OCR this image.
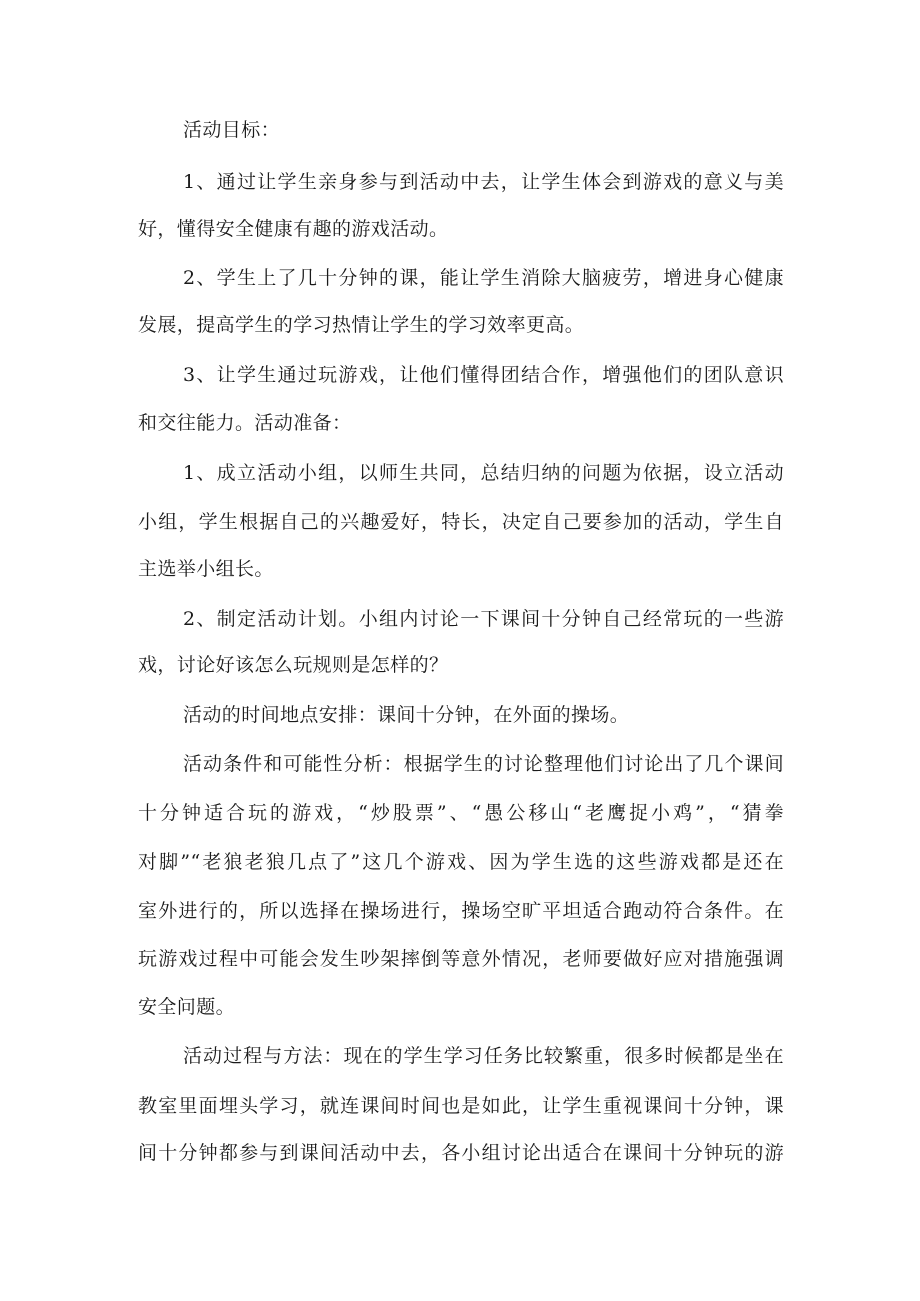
活动目标：
1、通过让学生亲身参与到活动中去，让学生体会到游戏的意义与美
好，懂得安全健康有趣的游戏活动。
2、学生上了几十分钟的课，能让学生消除大脑疲劳，增进身心健康
发展，提高学生的学习热情让学生的学习效率更高。
3、让学生通过玩游戏，让他们懂得团结合作，增强他们的团队意识
和交往能力。活动准备：
1、成立活动小组，以师生共同，总结归纳的问题为依据，设立活动
小组，学生根据自己的兴趣爱好，特长，决定自己要参加的活动，学生自
主选举小组长。
2、制定活动计划。小组内讨论一下课间十分钟自己经常玩的一些游
戏，讨论好该怎么玩规则是怎样的？
活动的时间地点安排：课间十分钟，在外面的操场。
活动条件和可能性分析：根据学生的讨论整理他们讨论出了几个课间
十分钟适合玩的游戏，“炒股票”、“愚公移山“老鹰捉小鸡”，“猜拳
对脚”“老狼老狼几点了”这几个游戏、因为学生选的这些游戏都是还在
室外进行的，所以选择在操场进行，操场空旷平坦适合跑动符合条件。在
玩游戏过程中可能会发生吵架摔倒等意外情况，老师要做好应对措施强调
安全问题。
活动过程与方法：现在的学生学习任务比较繁重，很多时候都是坐在
教室里面埋头学习，就连课间时间也是如此，让学生重视课间十分钟，课
间十分钟都参与到课间活动中去，各小组讨论出适合在课间十分钟玩的游
